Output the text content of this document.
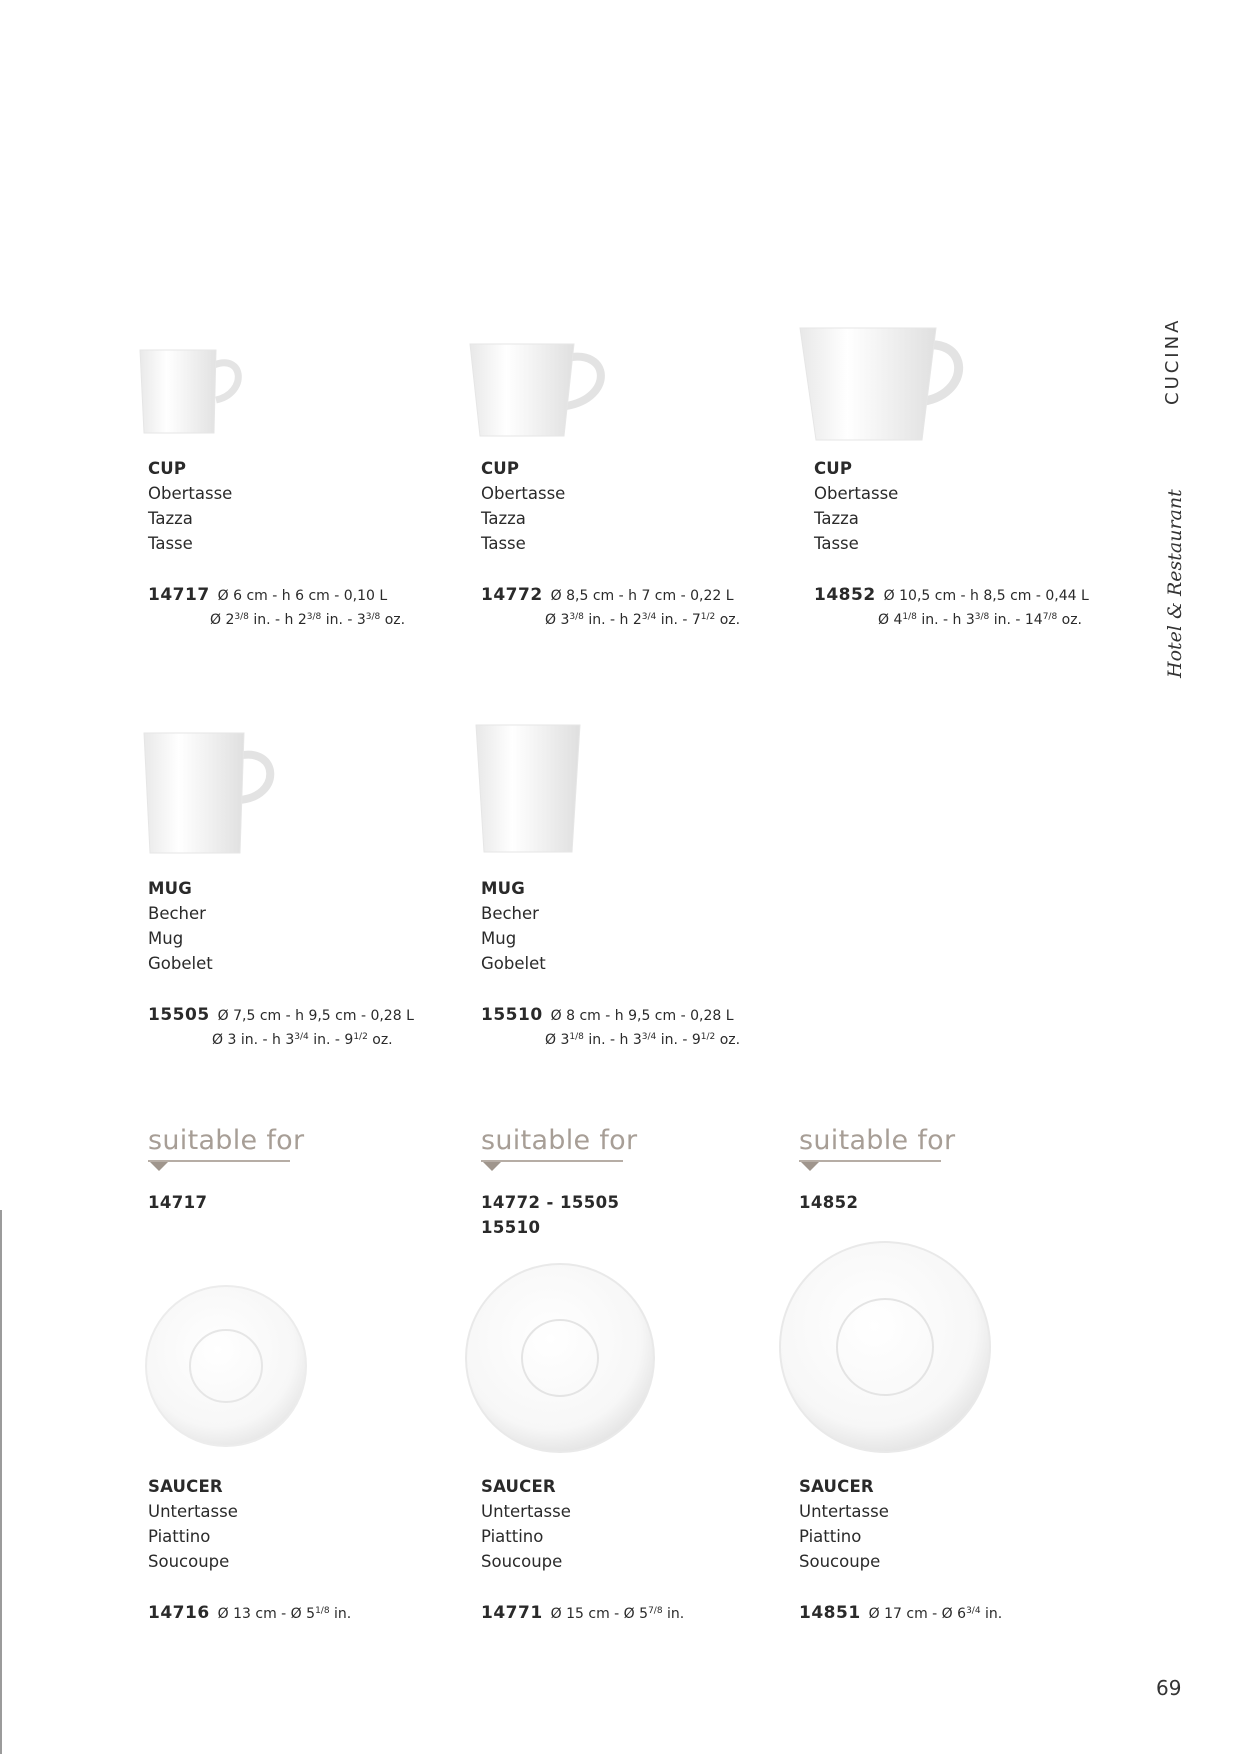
CUCINA
Hotel & Restaurant
CUP
Obertasse
Tazza
Tasse
14717 Ø 6 cm - h 6 cm - 0,10 L
Ø $2^{3/8}$ in. - h $2^{3/8}$ in. - $3^{3/8}$ oz.
CUP
Obertasse
Tazza
Tasse
14772 Ø 8,5 cm - h 7 cm - 0,22 L
Ø $3^{3/8}$ in. - h $2^{3/4}$ in. - $7^{1/2}$ oz.
CUP
Obertasse
Tazza
Tasse
14852 Ø 10,5 cm - h 8,5 cm - 0,44 L
Ø $4^{1/8}$ in. - h $3^{3/8}$ in. - $14^{7/8}$ oz.
MUG
Becher
Mug
Gobelet
15505 Ø 7,5 cm - h 9,5 cm - 0,28 L
Ø 3 in. - h $3^{3/4}$ in. - $9^{1/2}$ oz.
MUG
Becher
Mug
Gobelet
15510 Ø 8 cm - h 9,5 cm - 0,28 L
Ø $3^{1/8}$ in. - h $3^{3/4}$ in. - $9^{1/2}$ oz.
suitable for
14717
suitable for
14772 - 15505
15510
suitable for
14852
SAUCER
Untertasse
Piattino
Soucoupe
14716 Ø 13 cm - Ø $5^{1/8}$ in.
SAUCER
Untertasse
Piattino
Soucoupe
14771 Ø 15 cm - Ø $5^{7/8}$ in.
SAUCER
Untertasse
Piattino
Soucoupe
14851 Ø 17 cm - Ø $6^{3/4}$ in.
69
